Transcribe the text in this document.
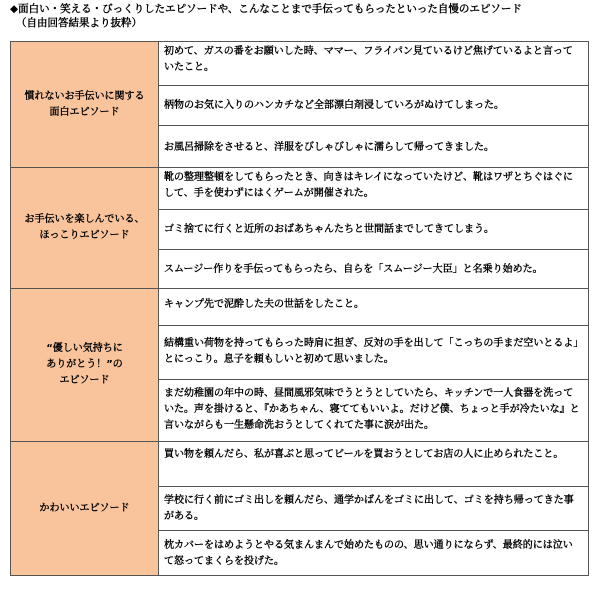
◆面白い・笑える・びっくりしたエピソードや、こんなことまで手伝ってもらったといった自慢のエピソード
（自由回答結果より抜粋）
慣れないお手伝いに関する
面白エピソード	初めて、ガスの番をお願いした時、ママー、フライパン見ているけど焦げているよと言っていたこと。

	柄物のお気に入りのハンカチなど全部漂白剤浸していろがぬけてしまった。

	お風呂掃除をさせると、洋服をびしゃびしゃに濡らして帰ってきました。

お手伝いを楽しんでいる、
ほっこりエピソード	靴の整理整頓をしてもらったとき、向きはキレイになっていたけど、靴はワザとちぐはぐにして、手を使わずにはくゲームが開催された。

	ゴミ捨てに行くと近所のおばあちゃんたちと世間話までしてきてしまう。

	スムージー作りを手伝ってもらったら、自らを「スムージー大臣」と名乗り始めた。

“優しい気持ちに
ありがとう！”の
エピソード	キャンプ先で泥酔した夫の世話をしたこと。

	結構重い荷物を持ってもらった時肩に担ぎ、反対の手を出して「こっちの手まだ空いとるよ」とにっこり。息子を頼もしいと初めて思いました。

	まだ幼稚園の年中の時、昼間風邪気味でうとうとしていたら、キッチンで一人食器を洗っていた。声を掛けると、『かあちゃん、寝ててもいいよ。だけど僕、ちょっと手が冷たいな』と言いながらも一生懸命洗おうとしてくれてた事に涙が出た。

かわいいエピソード	買い物を頼んだら、私が喜ぶと思ってビールを買おうとしてお店の人に止められたこと。

	学校に行く前にゴミ出しを頼んだら、通学かばんをゴミに出して、ゴミを持ち帰ってきた事がある。

	枕カバーをはめようとやる気まんまんで始めたものの、思い通りにならず、最終的には泣いて怒ってまくらを投げた。
